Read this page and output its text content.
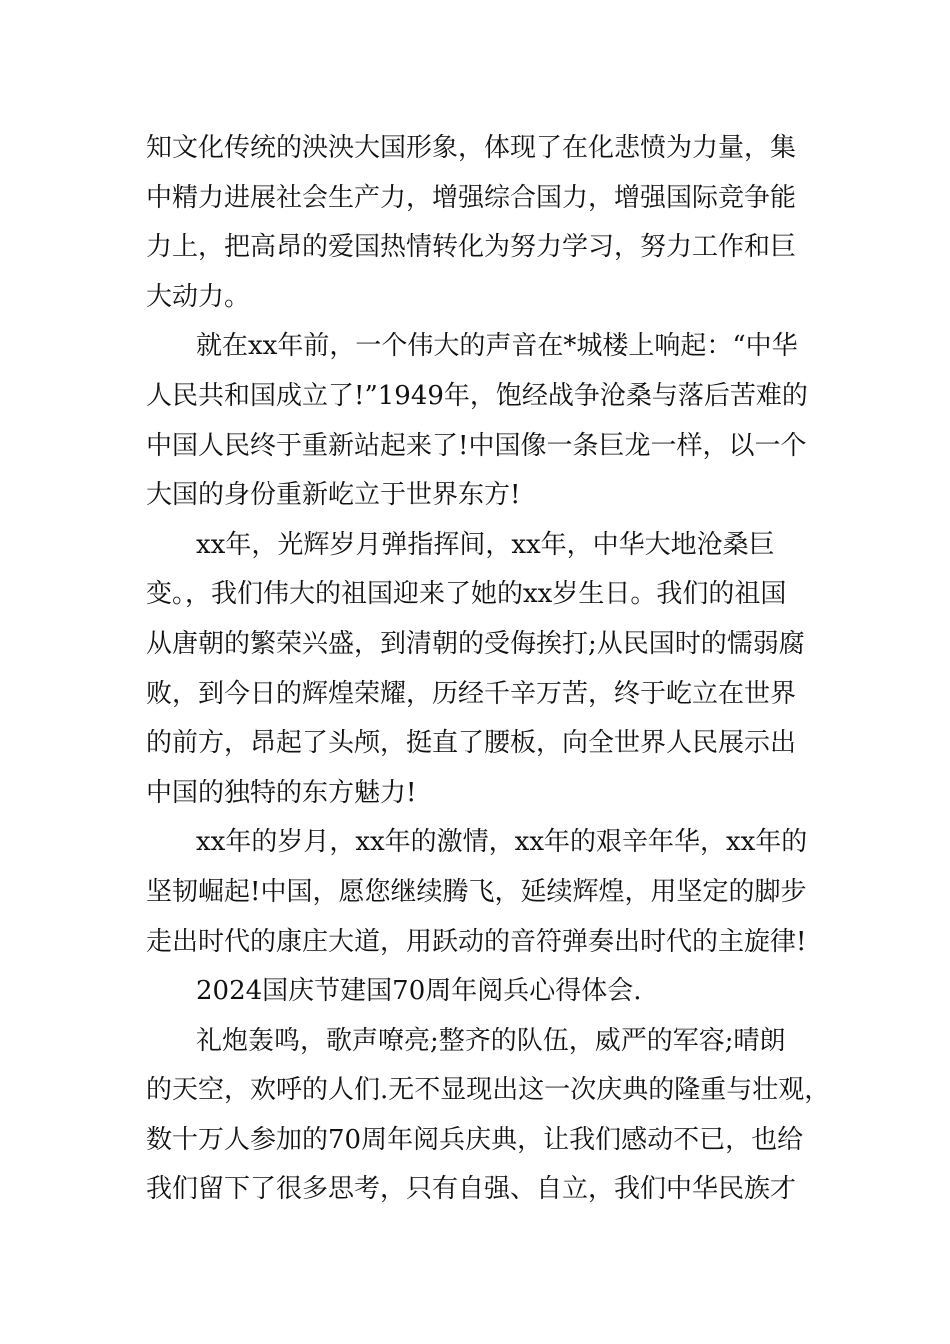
知文化传统的泱泱大国形象，体现了在化悲愤为力量，集
中精力进展社会生产力，增强综合国力，增强国际竞争能
力上，把高昂的爱国热情转化为努力学习，努力工作和巨
大动力。
就在xx年前，一个伟大的声音在*城楼上响起：“中华
人民共和国成立了!”1949年，饱经战争沧桑与落后苦难的
中国人民终于重新站起来了!中国像一条巨龙一样，以一个
大国的身份重新屹立于世界东方!
xx年，光辉岁月弹指挥间，xx年，中华大地沧桑巨
变。，我们伟大的祖国迎来了她的xx岁生日。我们的祖国
从唐朝的繁荣兴盛，到清朝的受侮挨打;从民国时的懦弱腐
败，到今日的辉煌荣耀，历经千辛万苦，终于屹立在世界
的前方，昂起了头颅，挺直了腰板，向全世界人民展示出
中国的独特的东方魅力!
xx年的岁月，xx年的激情，xx年的艰辛年华，xx年的
坚韧崛起!中国，愿您继续腾飞，延续辉煌，用坚定的脚步
走出时代的康庄大道，用跃动的音符弹奏出时代的主旋律!
2024国庆节建国70周年阅兵心得体会.
礼炮轰鸣，歌声嘹亮;整齐的队伍，威严的军容;晴朗
的天空，欢呼的人们.无不显现出这一次庆典的隆重与壮观，
数十万人参加的70周年阅兵庆典，让我们感动不已，也给
我们留下了很多思考，只有自强、自立，我们中华民族才
